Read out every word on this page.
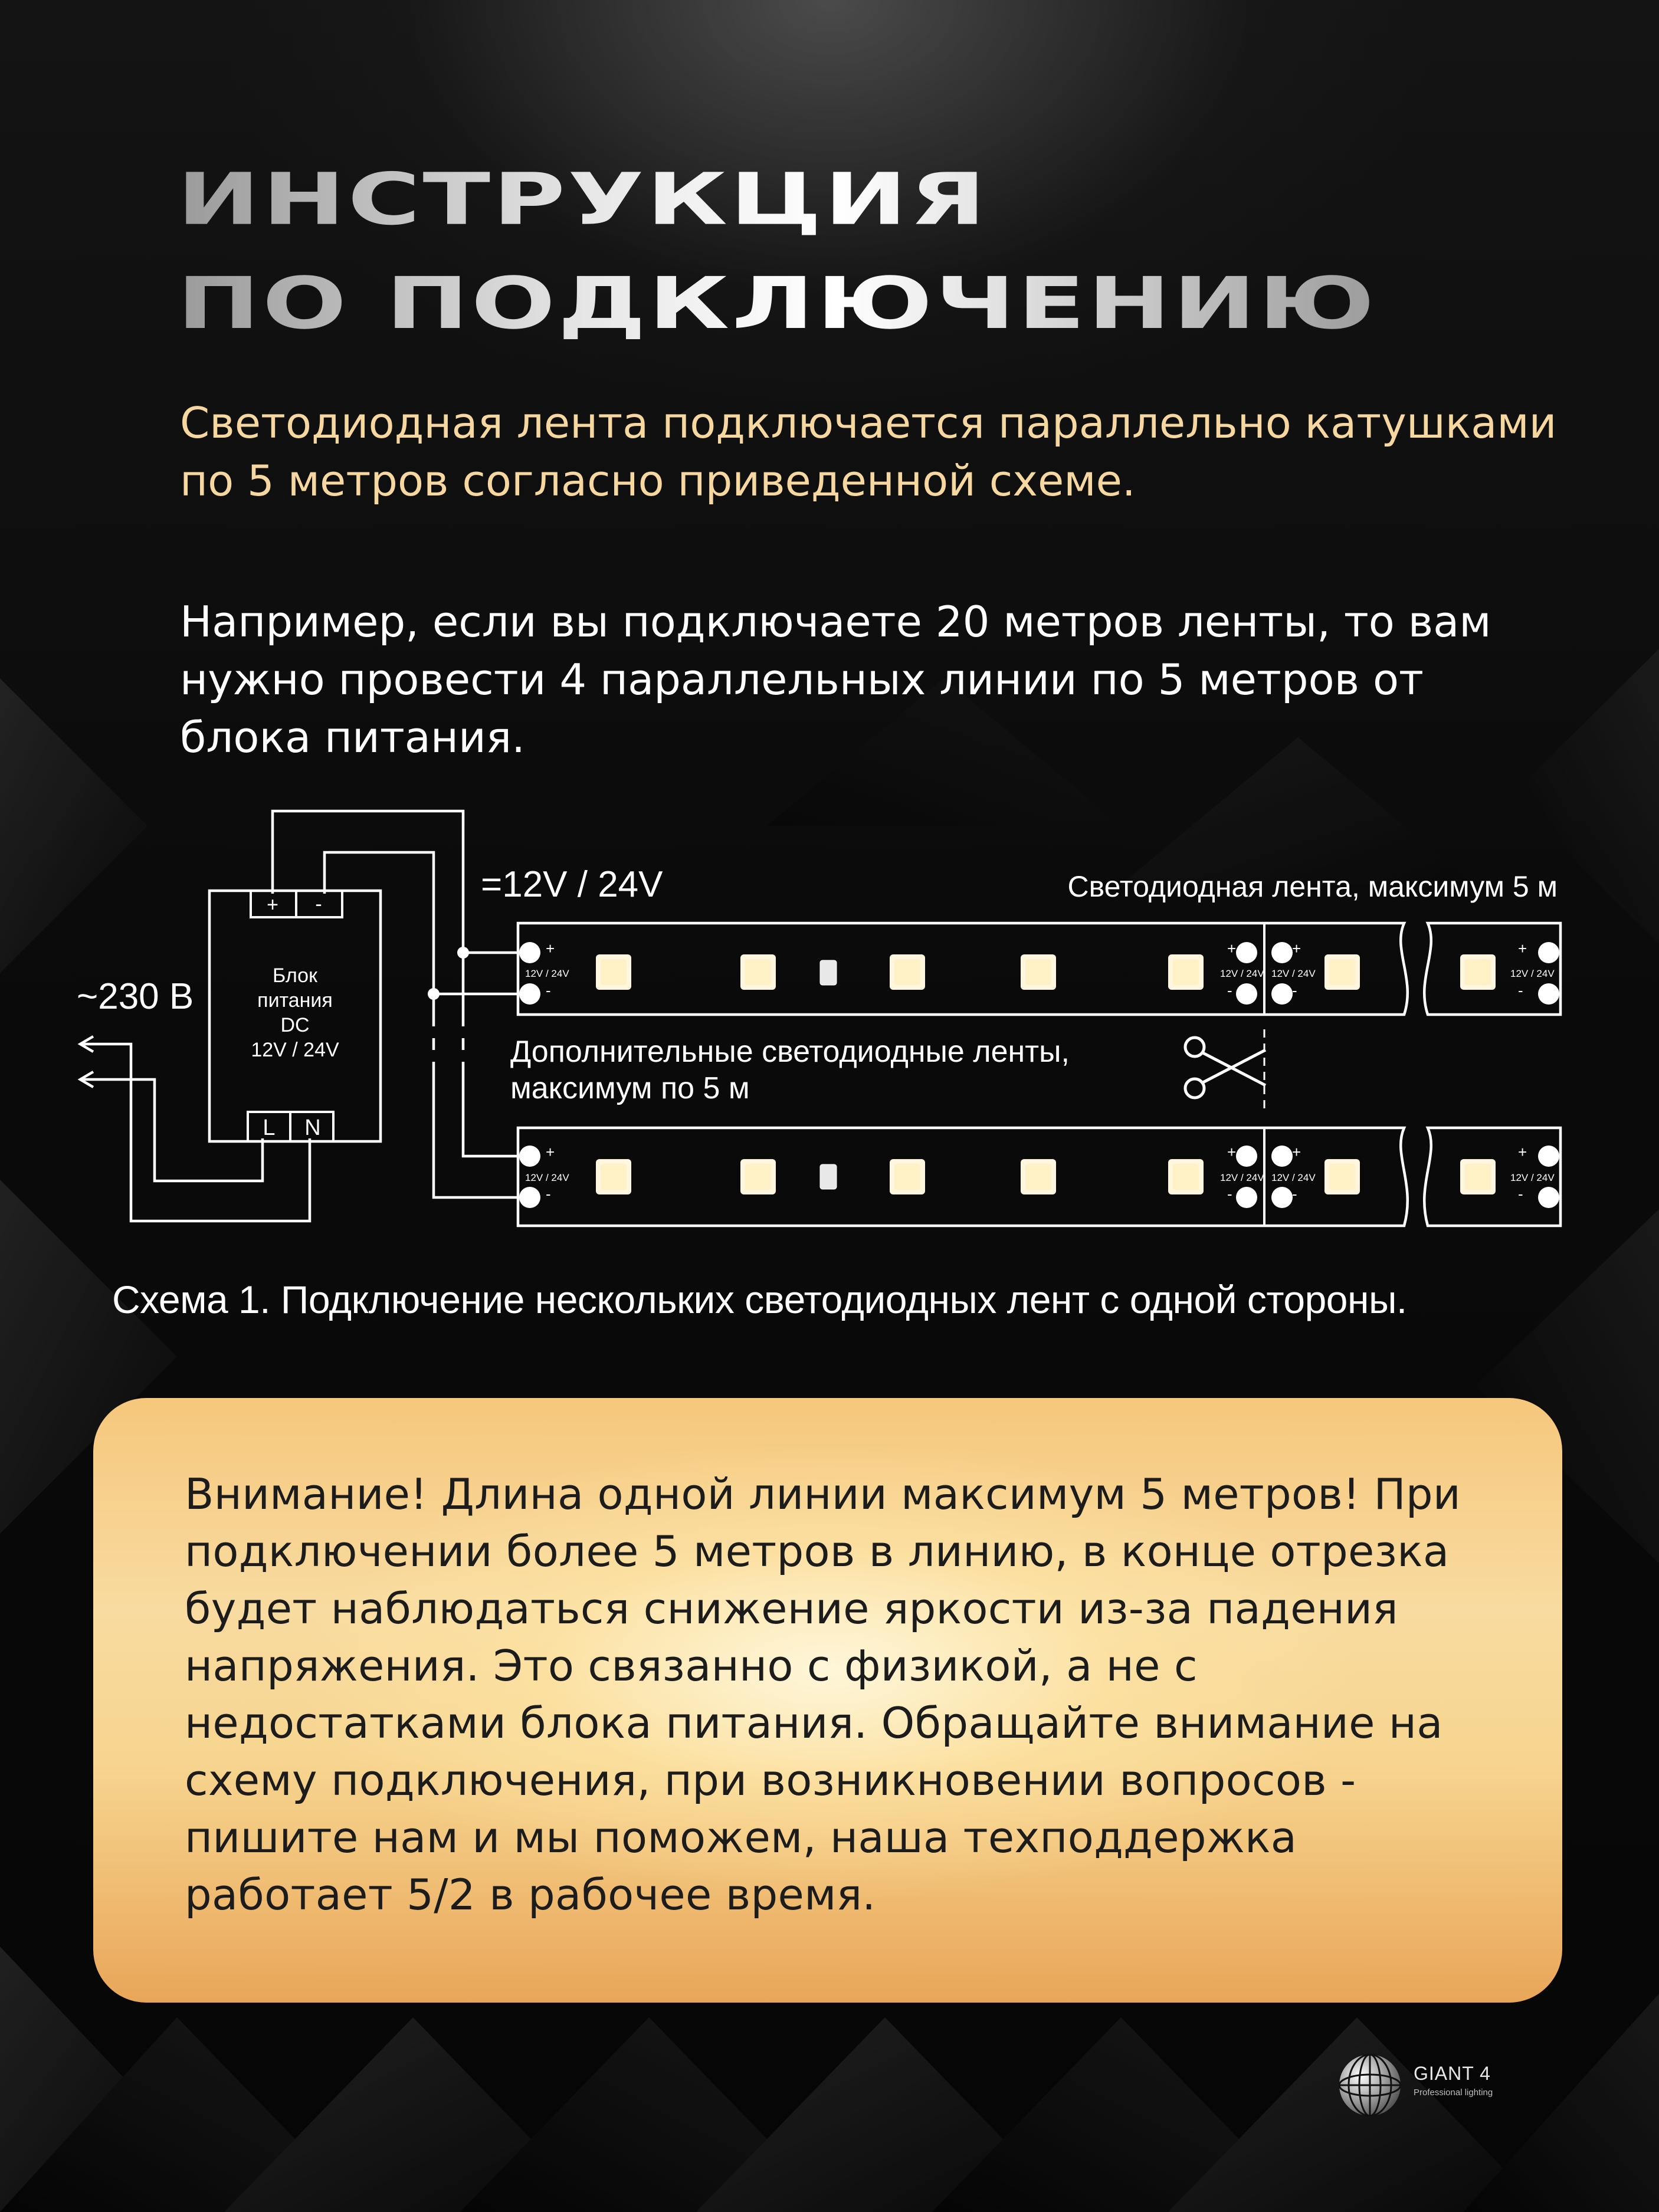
ИНСТРУКЦИЯ
ПО ПОДКЛЮЧЕНИЮ

Светодиодная лента подключается параллельно катушками по 5 метров согласно приведенной схеме.

Например, если вы подключаете 20 метров ленты, то вам нужно провести 4 параллельных линии по 5 метров от блока питания.

+ -
L N
Блок
питания
DC
12V / 24V
~230 В
=12V / 24V	Светодиодная лента, максимум 5 м
Дополнительные светодиодные ленты,
максимум по 5 м
+
12V / 24V
-
+
12V / 24V
-
+
12V / 24V
-
+
12V / 24V
-
+
12V / 24V
-
+
12V / 24V
-
+
12V / 24V
-
+
12V / 24V
-
Схема 1. Подключение нескольких светодиодных лент с одной стороны.

Внимание! Длина одной линии максимум 5 метров! При подключении более 5 метров в линию, в конце отрезка будет наблюдаться снижение яркости из-за падения напряжения. Это связанно с физикой, а не с недостатками блока питания. Обращайте внимание на схему подключения, при возникновении вопросов - пишите нам и мы поможем, наша техподдержка работает 5/2 в рабочее время.

GIANT 4
Professional lighting
